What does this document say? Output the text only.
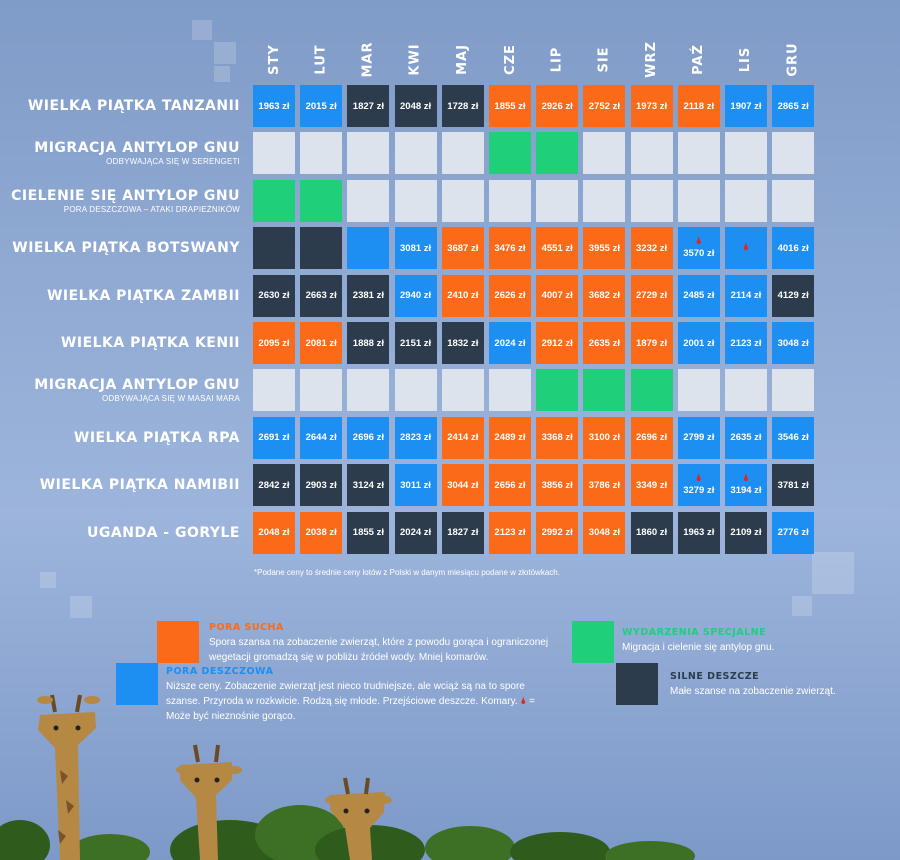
STY LUT MAR KWI MAJ CZE LIP SIE WRZ PAŹ LIS GRU
WIELKA PIĄTKA TANZANII 1963 zł 2015 zł 1827 zł 2048 zł 1728 zł 1855 zł 2926 zł 2752 zł 1973 zł 2118 zł 1907 zł 2865 zł
MIGRACJA ANTYLOP GNU
ODBYWAJĄCA SIĘ W SERENGETI
CIELENIE SIĘ ANTYLOP GNU
PORA DESZCZOWA – ATAKI DRAPIEŻNIKÓW
WIELKA PIĄTKA BOTSWANY	3081 zł 3687 zł 3476 zł 4551 zł 3955 zł 3232 zł
🌢
3570 zł
🌢	4016 zł
WIELKA PIĄTKA ZAMBII 2630 zł 2663 zł 2381 zł 2940 zł 2410 zł 2626 zł 4007 zł 3682 zł 2729 zł 2485 zł 2114 zł 4129 zł
WIELKA PIĄTKA KENII 2095 zł 2081 zł 1888 zł 2151 zł 1832 zł 2024 zł 2912 zł 2635 zł 1879 zł 2001 zł 2123 zł 3048 zł
MIGRACJA ANTYLOP GNU
ODBYWAJĄCA SIĘ W MASAI MARA
WIELKA PIĄTKA RPA 2691 zł 2644 zł 2696 zł 2823 zł 2414 zł 2489 zł 3368 zł 3100 zł 2696 zł 2799 zł 2635 zł 3546 zł
WIELKA PIĄTKA NAMIBII 2842 zł 2903 zł 3124 zł 3011 zł 3044 zł 2656 zł 3856 zł 3786 zł 3349 zł
🌢
3279 zł
🌢
3194 zł 3781 zł
UGANDA - GORYLE 2048 zł 2038 zł 1855 zł 2024 zł 1827 zł 2123 zł 2992 zł 3048 zł 1860 zł 1963 zł 2109 zł 2776 zł
*Podane ceny to średnie ceny lotów z Polski w danym miesiącu podane w złotówkach.
PORA SUCHA
Spora szansa na zobaczenie zwierząt, które z powodu gorąca i ograniczonej wegetacji gromadzą się w pobliżu źródeł wody. Mniej komarów.
PORA DESZCZOWA
Niższe ceny. Zobaczenie zwierząt jest nieco trudniejsze, ale wciąż są na to spore szanse. Przyroda w rozkwicie. Rodzą się młode. Przejściowe deszcze. Komary. 🌢 = Może być nieznośnie gorąco.
WYDARZENIA SPECJALNE
Migracja i cielenie się antylop gnu.
SILNE DESZCZE
Małe szanse na zobaczenie zwierząt.
